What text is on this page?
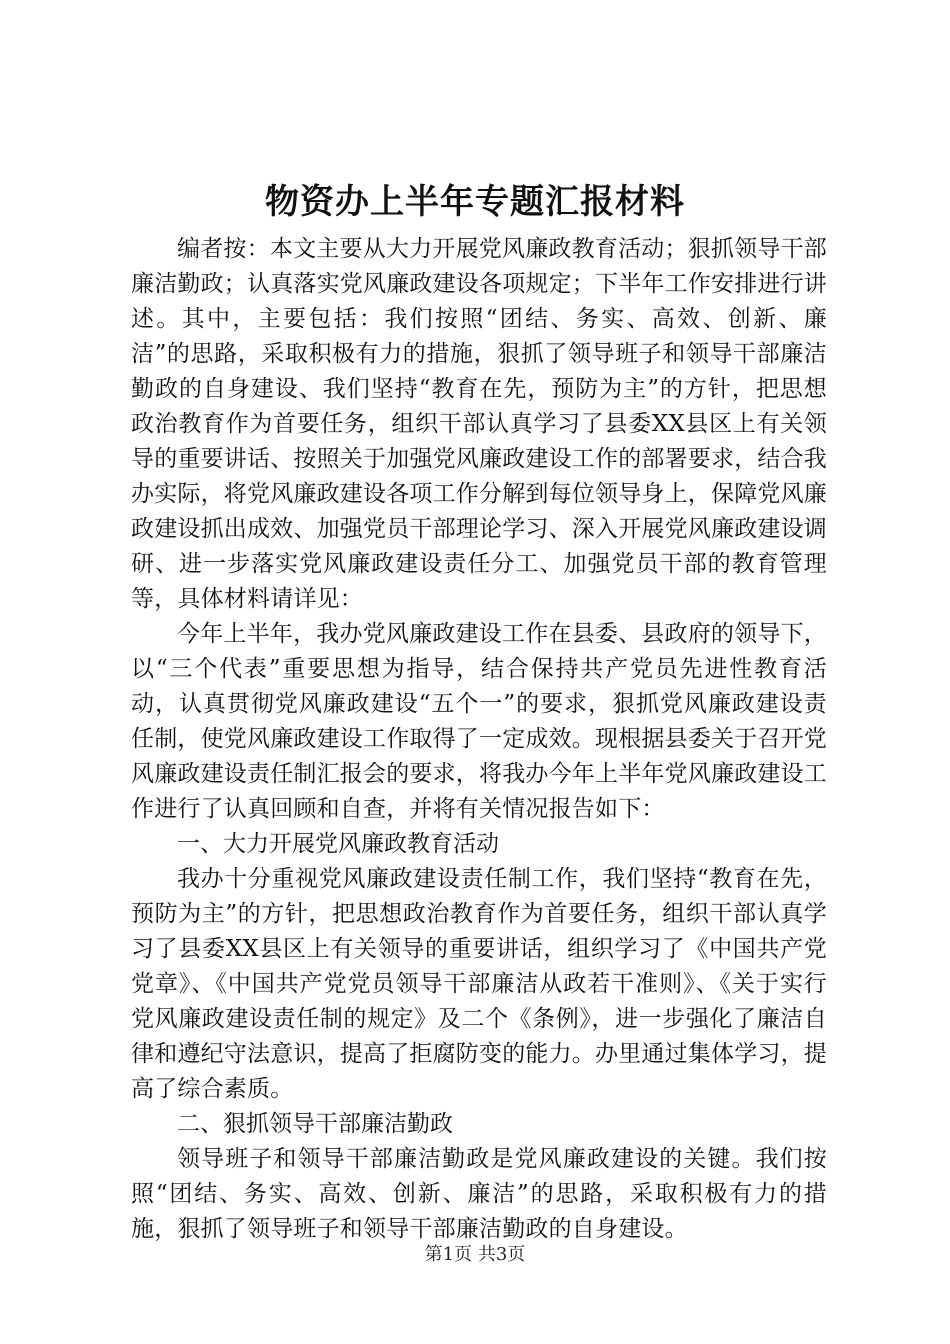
物资办上半年专题汇报材料

编者按：本文主要从大力开展党风廉政教育活动；狠抓领导干部廉洁勤政；认真落实党风廉政建设各项规定；下半年工作安排进行讲述。其中，主要包括：我们按照“团结、务实、高效、创新、廉洁”的思路，采取积极有力的措施，狠抓了领导班子和领导干部廉洁勤政的自身建设、我们坚持“教育在先，预防为主”的方针，把思想政治教育作为首要任务，组织干部认真学习了县委XX县区上有关领导的重要讲话、按照关于加强党风廉政建设工作的部署要求，结合我办实际，将党风廉政建设各项工作分解到每位领导身上，保障党风廉政建设抓出成效、加强党员干部理论学习、深入开展党风廉政建设调研、进一步落实党风廉政建设责任分工、加强党员干部的教育管理等，具体材料请详见：

今年上半年，我办党风廉政建设工作在县委、县政府的领导下，以“三个代表”重要思想为指导，结合保持共产党员先进性教育活动，认真贯彻党风廉政建设“五个一”的要求，狠抓党风廉政建设责任制，使党风廉政建设工作取得了一定成效。现根据县委关于召开党风廉政建设责任制汇报会的要求，将我办今年上半年党风廉政建设工作进行了认真回顾和自查，并将有关情况报告如下：

一、大力开展党风廉政教育活动

我办十分重视党风廉政建设责任制工作，我们坚持“教育在先，预防为主”的方针，把思想政治教育作为首要任务，组织干部认真学习了县委XX县区上有关领导的重要讲话，组织学习了《中国共产党党章》、《中国共产党党员领导干部廉洁从政若干准则》、《关于实行党风廉政建设责任制的规定》及二个《条例》，进一步强化了廉洁自律和遵纪守法意识，提高了拒腐防变的能力。办里通过集体学习，提高了综合素质。

二、狠抓领导干部廉洁勤政

领导班子和领导干部廉洁勤政是党风廉政建设的关键。我们按照“团结、务实、高效、创新、廉洁”的思路，采取积极有力的措施，狠抓了领导班子和领导干部廉洁勤政的自身建设。

第1页 共3页
